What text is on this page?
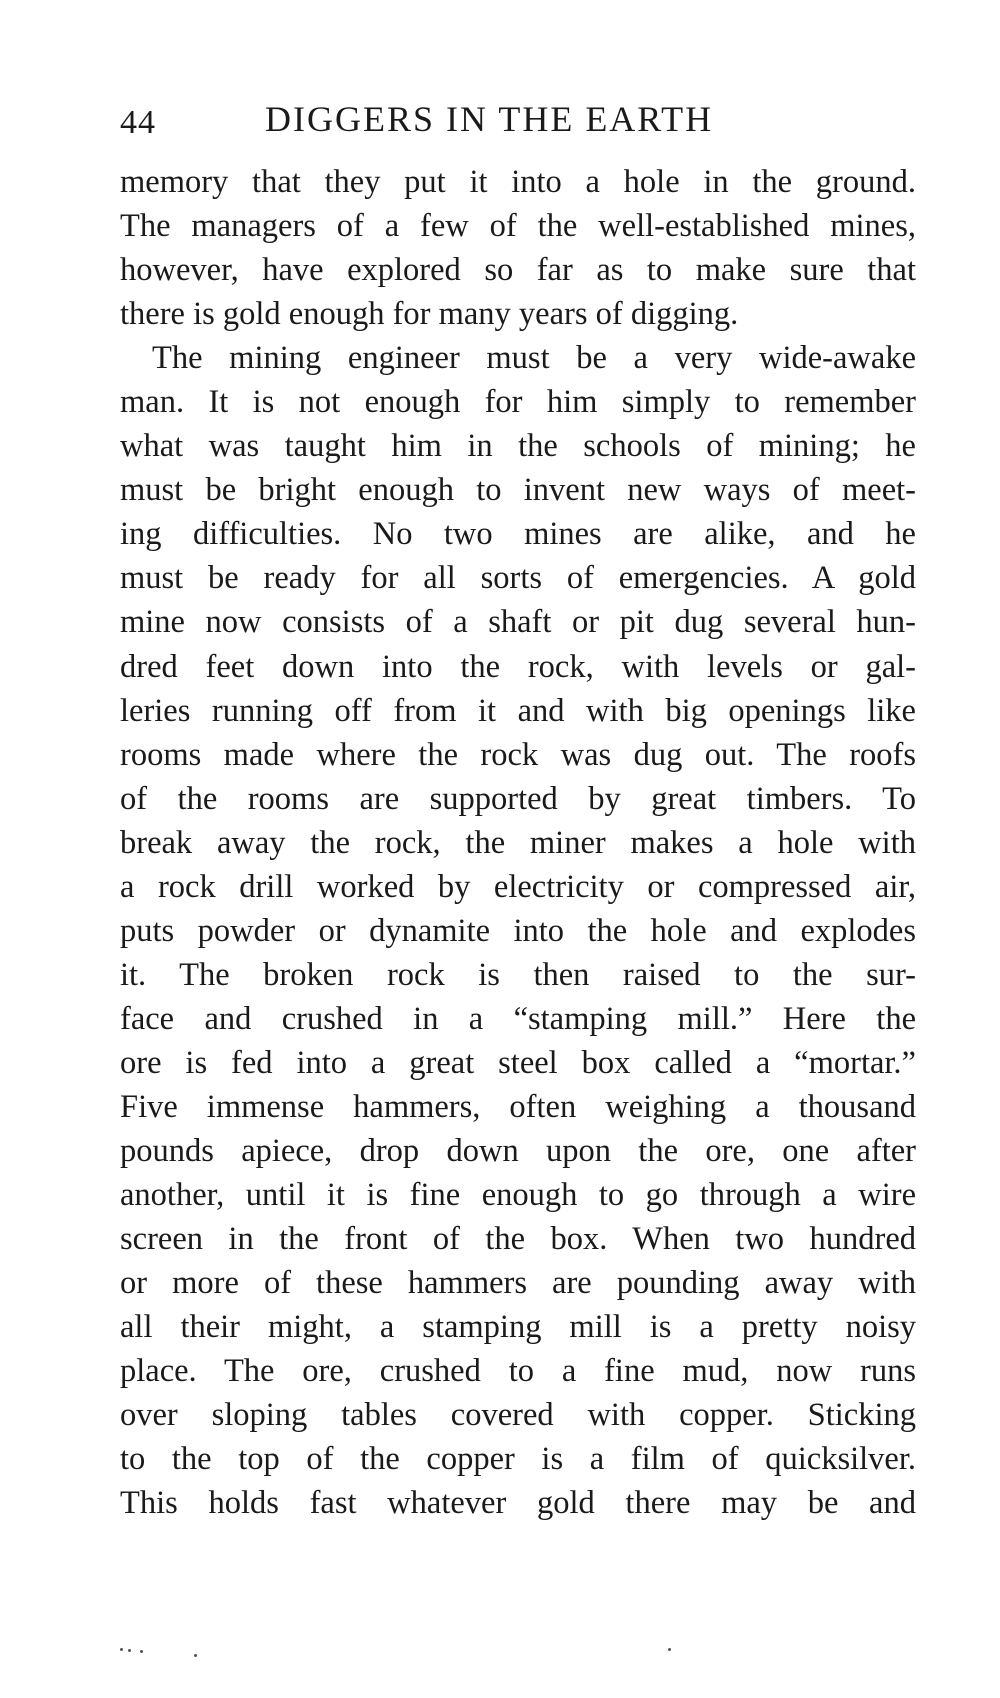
44	DIGGERS IN THE EARTH
memory that they put it into a hole in the ground.
The managers of a few of the well-established mines,
however, have explored so far as to make sure that
there is gold enough for many years of digging.
The mining engineer must be a very wide-awake
man. It is not enough for him simply to remember
what was taught him in the schools of mining; he
must be bright enough to invent new ways of meet-
ing difficulties. No two mines are alike, and he
must be ready for all sorts of emergencies. A gold
mine now consists of a shaft or pit dug several hun-
dred feet down into the rock, with levels or gal-
leries running off from it and with big openings like
rooms made where the rock was dug out. The roofs
of the rooms are supported by great timbers. To
break away the rock, the miner makes a hole with
a rock drill worked by electricity or compressed air,
puts powder or dynamite into the hole and explodes
it. The broken rock is then raised to the sur-
face and crushed in a “stamping mill.” Here the
ore is fed into a great steel box called a “mortar.”
Five immense hammers, often weighing a thousand
pounds apiece, drop down upon the ore, one after
another, until it is fine enough to go through a wire
screen in the front of the box. When two hundred
or more of these hammers are pounding away with
all their might, a stamping mill is a pretty noisy
place. The ore, crushed to a fine mud, now runs
over sloping tables covered with copper. Sticking
to the top of the copper is a film of quicksilver.
This holds fast whatever gold there may be and
